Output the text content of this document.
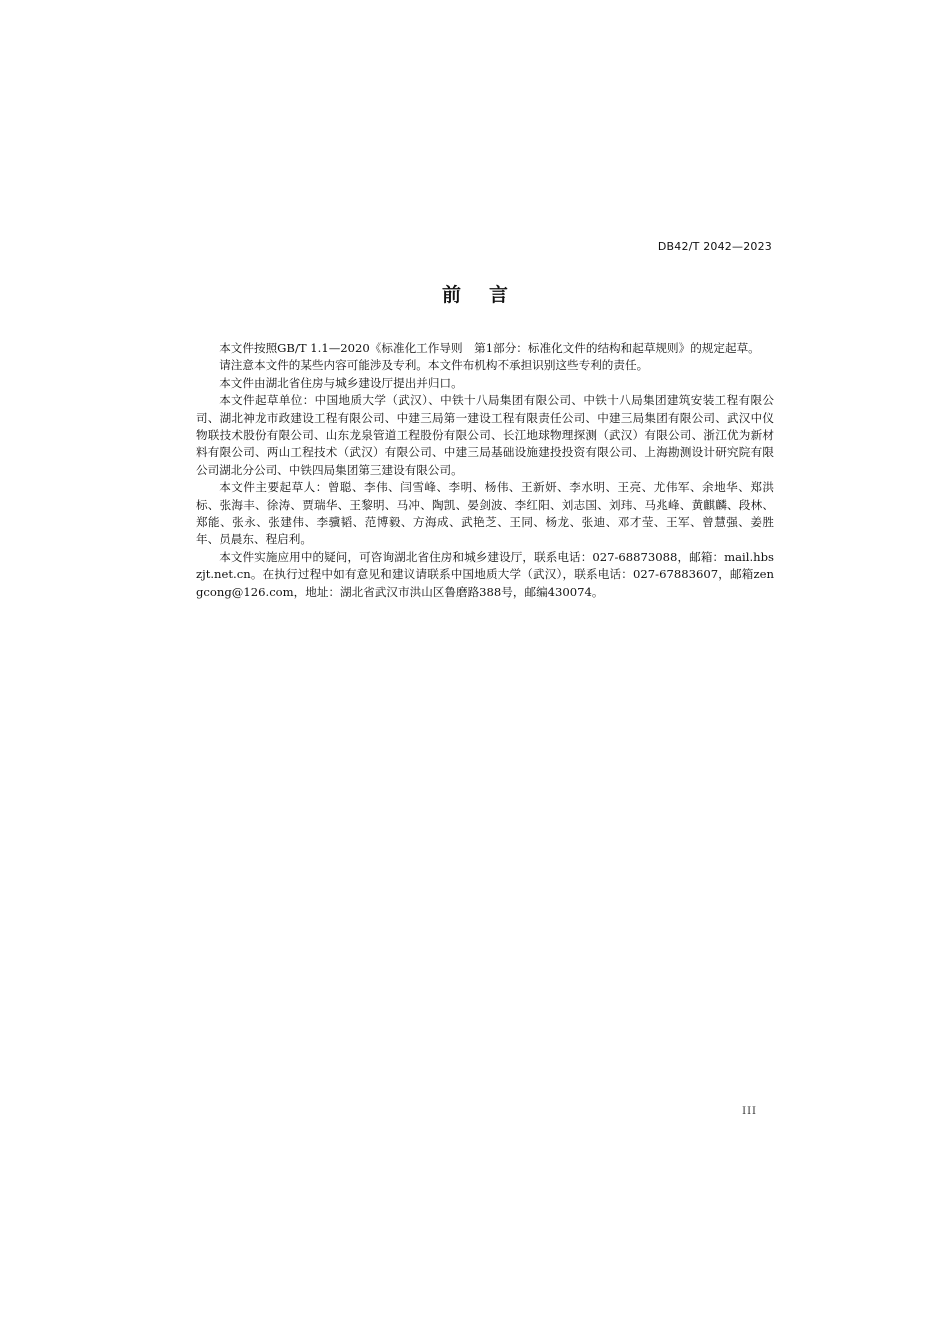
DB42/T 2042—2023
前言

本文件按照GB/T 1.1—2020《标准化工作导则　第1部分：标准化文件的结构和起草规则》的规定起草。

请注意本文件的某些内容可能涉及专利。本文件布机构不承担识别这些专利的责任。

本文件由湖北省住房与城乡建设厅提出并归口。

本文件起草单位：中国地质大学（武汉）、中铁十八局集团有限公司、中铁十八局集团建筑安装工程有限公司、湖北神龙市政建设工程有限公司、中建三局第一建设工程有限责任公司、中建三局集团有限公司、武汉中仪物联技术股份有限公司、山东龙泉管道工程股份有限公司、长江地球物理探测（武汉）有限公司、浙江优为新材料有限公司、两山工程技术（武汉）有限公司、中建三局基础设施建投投资有限公司、上海勘测设计研究院有限公司湖北分公司、中铁四局集团第三建设有限公司。

本文件主要起草人：曾聪、李伟、闫雪峰、李明、杨伟、王新妍、李水明、王亮、尤伟军、余地华、郑洪标、张海丰、徐涛、贾瑞华、王黎明、马冲、陶凯、晏剑波、李红阳、刘志国、刘玮、马兆峰、黄麒麟、段林、郑能、张永、张建伟、李骥韬、范博毅、方海成、武艳芝、王同、杨龙、张迪、邓才莹、王军、曾慧强、姜胜年、员晨东、程启利。

本文件实施应用中的疑问，可咨询湖北省住房和城乡建设厅，联系电话：027-68873088，邮箱：mail.hbszjt.net.cn。在执行过程中如有意见和建议请联系中国地质大学（武汉），联系电话：027-67883607，邮箱zengcong@126.com，地址：湖北省武汉市洪山区鲁磨路388号，邮编430074。

III
